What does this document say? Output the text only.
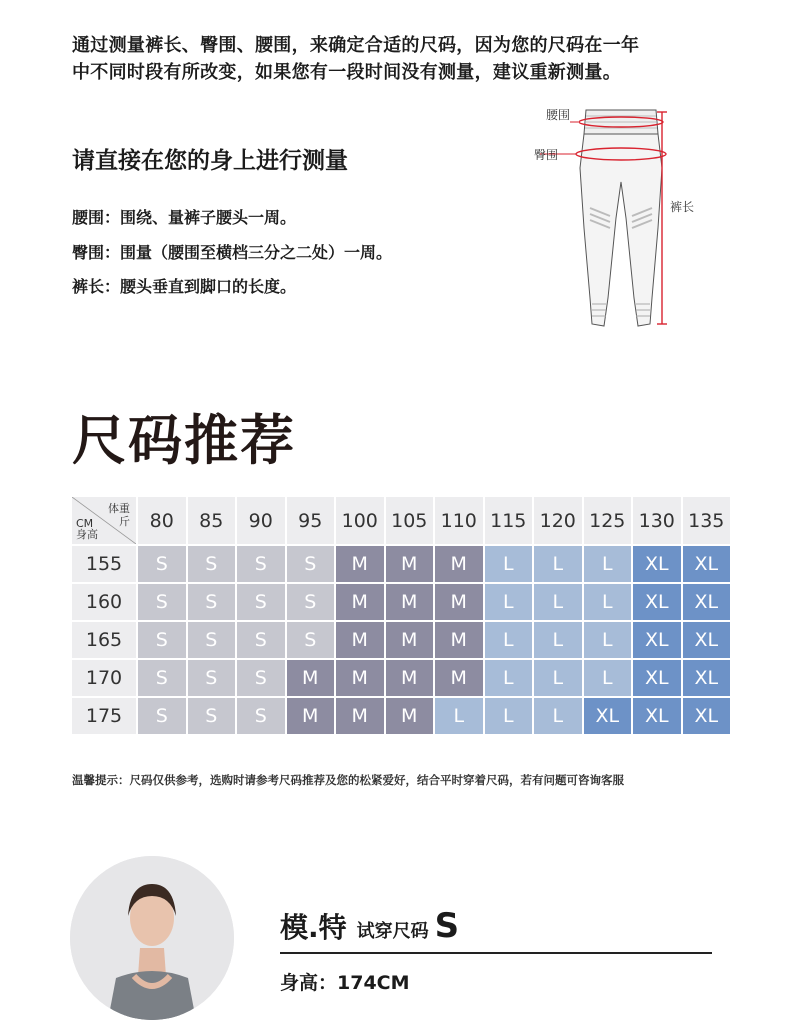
通过测量裤长、臀围、腰围，来确定合适的尺码，因为您的尺码在一年
中不同时段有所改变，如果您有一段时间没有测量，建议重新测量。
请直接在您的身上进行测量
腰围：围绕、量裤子腰头一周。
臀围：围量（腰围至横档三分之二处）一周。
裤长：腰头垂直到脚口的长度。
腰围
臀围
裤长
尺码推荐
体重
斤
CM
身高	80	85	90	95	100	105	110	115	120	125	130	135
155	S	S	S	S	M	M	M	L	L	L	XL	XL
160	S	S	S	S	M	M	M	L	L	L	XL	XL
165	S	S	S	S	M	M	M	L	L	L	XL	XL
170	S	S	S	M	M	M	M	L	L	L	XL	XL
175	S	S	S	M	M	M	L	L	L	XL	XL	XL
温馨提示：尺码仅供参考，选购时请参考尺码推荐及您的松紧爱好，结合平时穿着尺码，若有问题可咨询客服
模.特 试穿尺码 S
身高：174CM
